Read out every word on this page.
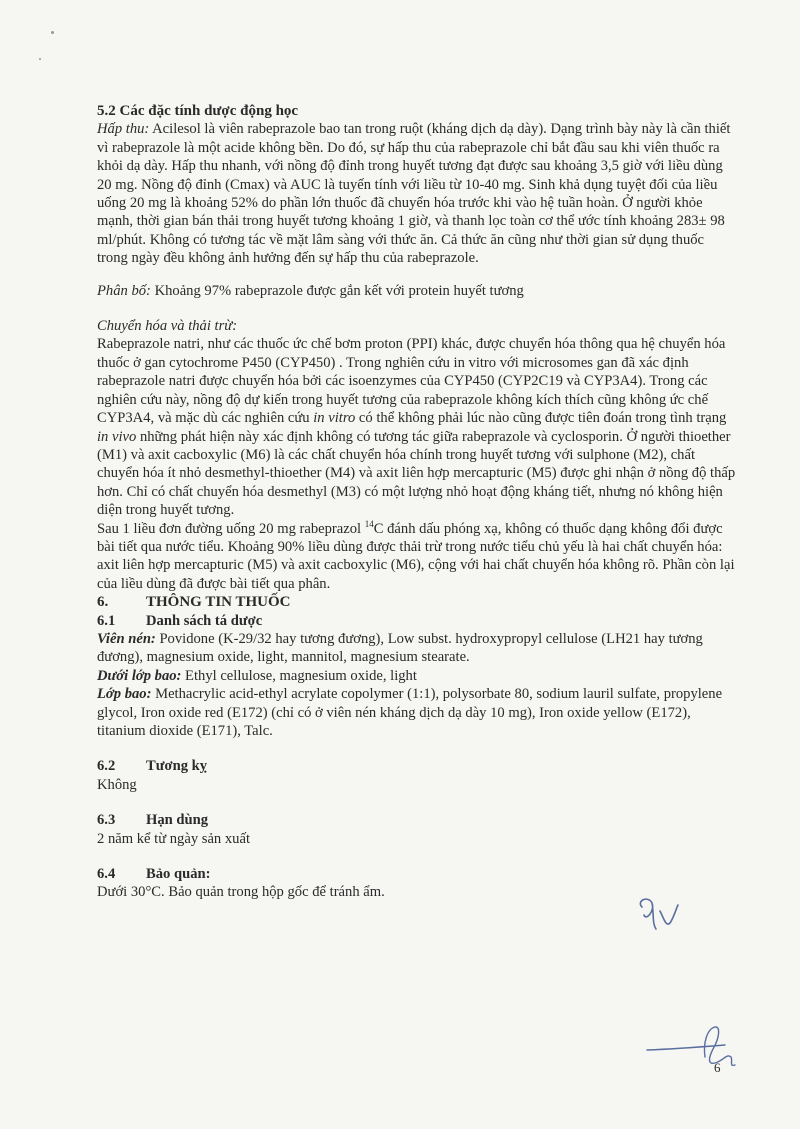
5.2 Các đặc tính dược động học

Hấp thu: Acilesol là viên rabeprazole bao tan trong ruột (kháng dịch dạ dày). Dạng trình bày này là cần thiết vì rabeprazole là một acide không bền. Do đó, sự hấp thu của rabeprazole chỉ bắt đầu sau khi viên thuốc ra khỏi dạ dày. Hấp thu nhanh, với nồng độ đỉnh trong huyết tương đạt được sau khoảng 3,5 giờ với liều dùng 20 mg. Nồng độ đỉnh (Cmax) và AUC là tuyến tính với liều từ 10-40 mg. Sinh khả dụng tuyệt đối của liều uống 20 mg là khoảng 52% do phần lớn thuốc đã chuyển hóa trước khi vào hệ tuần hoàn. Ở người khỏe mạnh, thời gian bán thải trong huyết tương khoảng 1 giờ, và thanh lọc toàn cơ thể ước tính khoảng 283± 98 ml/phút. Không có tương tác về mặt lâm sàng với thức ăn. Cả thức ăn cũng như thời gian sử dụng thuốc trong ngày đều không ảnh hưởng đến sự hấp thu của rabeprazole.

Phân bố: Khoảng 97% rabeprazole được gắn kết với protein huyết tương

Chuyển hóa và thải trừ:

Rabeprazole natri, như các thuốc ức chế bơm proton (PPI) khác, được chuyển hóa thông qua hệ chuyển hóa thuốc ở gan cytochrome P450 (CYP450) . Trong nghiên cứu in vitro với microsomes gan đã xác định rabeprazole natri được chuyển hóa bởi các isoenzymes của CYP450 (CYP2C19 và CYP3A4). Trong các nghiên cứu này, nồng độ dự kiến trong huyết tương của rabeprazole không kích thích cũng không ức chế CYP3A4, và mặc dù các nghiên cứu in vitro có thể không phải lúc nào cũng được tiên đoán trong tình trạng in vivo những phát hiện này xác định không có tương tác giữa rabeprazole và cyclosporin. Ở người thioether (M1) và axit cacboxylic (M6) là các chất chuyển hóa chính trong huyết tương với sulphone (M2), chất chuyển hóa ít nhỏ desmethyl-thioether (M4) và axit liên hợp mercapturic (M5) được ghi nhận ở nồng độ thấp hơn. Chỉ có chất chuyển hóa desmethyl (M3) có một lượng nhỏ hoạt động kháng tiết, nhưng nó không hiện diện trong huyết tương.

Sau 1 liều đơn đường uống 20 mg rabeprazol $^{14}$C đánh dấu phóng xạ, không có thuốc dạng không đổi được bài tiết qua nước tiểu. Khoảng 90% liều dùng được thải trừ trong nước tiểu chủ yếu là hai chất chuyển hóa: axit liên hợp mercapturic (M5) và axit cacboxylic (M6), cộng với hai chất chuyển hóa không rõ. Phần còn lại của liều dùng đã được bài tiết qua phân.

6.	THÔNG TIN THUỐC

6.1 Danh sách tá dược

Viên nén: Povidone (K-29/32 hay tương đương), Low subst. hydroxypropyl cellulose (LH21 hay tương đương), magnesium oxide, light, mannitol, magnesium stearate.

Dưới lớp bao: Ethyl cellulose, magnesium oxide, light

Lớp bao: Methacrylic acid-ethyl acrylate copolymer (1:1), polysorbate 80, sodium lauril sulfate, propylene glycol, Iron oxide red (E172) (chỉ có ở viên nén kháng dịch dạ dày 10 mg), Iron oxide yellow (E172), titanium dioxide (E171), Talc.

6.2 Tương kỵ

Không

6.3 Hạn dùng

2 năm kể từ ngày sản xuất

6.4 Bảo quản:

Dưới 30°C. Bảo quản trong hộp gốc để tránh ẩm.

6
